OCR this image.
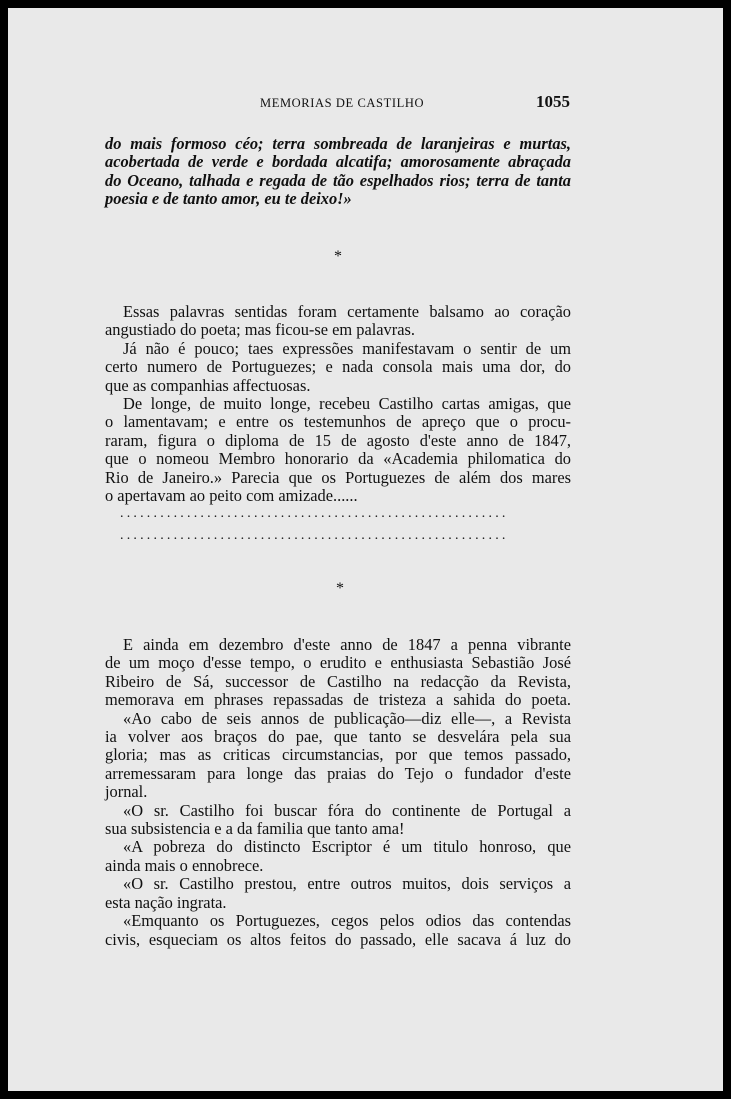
MEMORIAS DE CASTILHO	1055
do mais formoso céo; terra sombreada de laranjeiras e murtas,
acobertada de verde e bordada alcatifa; amorosamente abraçada
do Oceano, talhada e regada de tão espelhados rios; terra de tanta
poesia e de tanto amor, eu te deixo!»
*
Essas palavras sentidas foram certamente balsamo ao coração
angustiado do poeta; mas ficou-se em palavras.
Já não é pouco; taes expressões manifestavam o sentir de um
certo numero de Portuguezes; e nada consola mais uma dor, do
que as companhias affectuosas.
De longe, de muito longe, recebeu Castilho cartas amigas, que
o lamentavam; e entre os testemunhos de apreço que o procu-
raram, figura o diploma de 15 de agosto d'este anno de 1847,
que o nomeou Membro honorario da «Academia philomatica do
Rio de Janeiro.» Parecia que os Portuguezes de além dos mares
o apertavam ao peito com amizade......
..........................................................
..........................................................
*
E ainda em dezembro d'este anno de 1847 a penna vibrante
de um moço d'esse tempo, o erudito e enthusiasta Sebastião José
Ribeiro de Sá, successor de Castilho na redacção da Revista,
memorava em phrases repassadas de tristeza a sahida do poeta.
«Ao cabo de seis annos de publicação—diz elle—, a Revista
ia volver aos braços do pae, que tanto se desvelára pela sua
gloria; mas as criticas circumstancias, por que temos passado,
arremessaram para longe das praias do Tejo o fundador d'este
jornal.
«O sr. Castilho foi buscar fóra do continente de Portugal a
sua subsistencia e a da familia que tanto ama!
«A pobreza do distincto Escriptor é um titulo honroso, que
ainda mais o ennobrece.
«O sr. Castilho prestou, entre outros muitos, dois serviços a
esta nação ingrata.
«Emquanto os Portuguezes, cegos pelos odios das contendas
civis, esqueciam os altos feitos do passado, elle sacava á luz do
